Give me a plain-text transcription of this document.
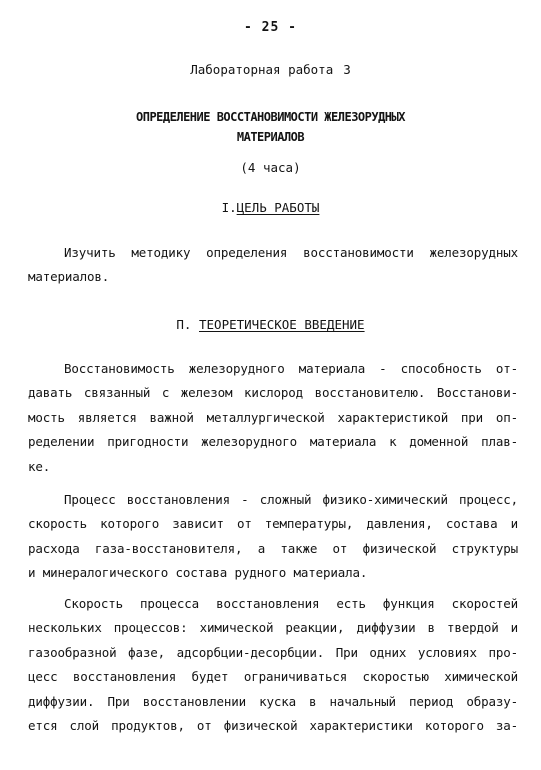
- 25 -
Лабораторная работа 3
ОПРЕДЕЛЕНИЕ ВОССТАНОВИМОСТИ ЖЕЛЕЗОРУДНЫХ
МАТЕРИАЛОВ
(4 часа)
I.ЦЕЛЬ РАБОТЫ
Изучить методику определения восстановимости железорудных
материалов.
П. ТЕОРЕТИЧЕСКОЕ ВВЕДЕНИЕ
Восстановимость железорудного материала - способность от-
давать связанный с железом кислород восстановителю. Восстанови-
мость является важной металлургической характеристикой при оп-
ределении пригодности железорудного материала к доменной плав-
ке.
Процесс восстановления - сложный физико-химический процесс,
скорость которого зависит от температуры, давления, состава и
расхода газа-восстановителя, а также от физической структуры
и минералогического состава рудного материала.
Скорость процесса восстановления есть функция скоростей
нескольких процессов: химической реакции, диффузии в твердой и
газообразной фазе, адсорбции-десорбции. При одних условиях про-
цесс восстановления будет ограничиваться скоростью химической
диффузии. При восстановлении куска в начальный период образу-
ется слой продуктов, от физической характеристики которого за-
